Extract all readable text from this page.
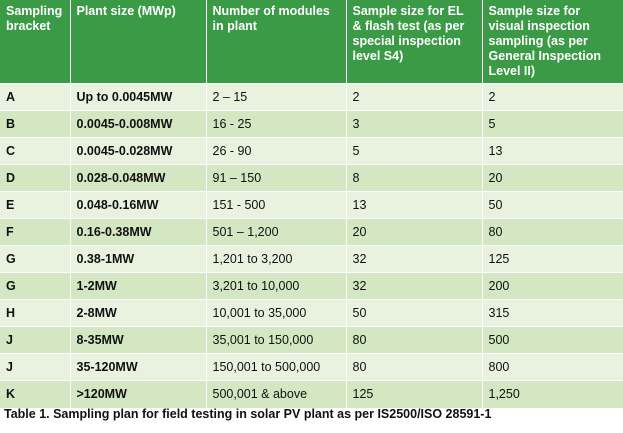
Sampling bracket	Plant size (MWp)	Number of modules in plant	Sample size for EL & flash test (as per special inspection level S4)	Sample size for visual inspection sampling (as per General Inspection Level II)
A	Up to 0.0045MW	2 – 15	2	2
B	0.0045-0.008MW	16 - 25	3	5
C	0.0045-0.028MW	26 - 90	5	13
D	0.028-0.048MW	91 – 150	8	20
E	0.048-0.16MW	151 - 500	13	50
F	0.16-0.38MW	501 – 1,200	20	80
G	0.38-1MW	1,201 to 3,200	32	125
G	1-2MW	3,201 to 10,000	32	200
H	2-8MW	10,001 to 35,000	50	315
J	8-35MW	35,001 to 150,000	80	500
J	35-120MW	150,001 to 500,000	80	800
K	>120MW	500,001 & above	125	1,250
Table 1. Sampling plan for field testing in solar PV plant as per IS2500/ISO 28591-1
